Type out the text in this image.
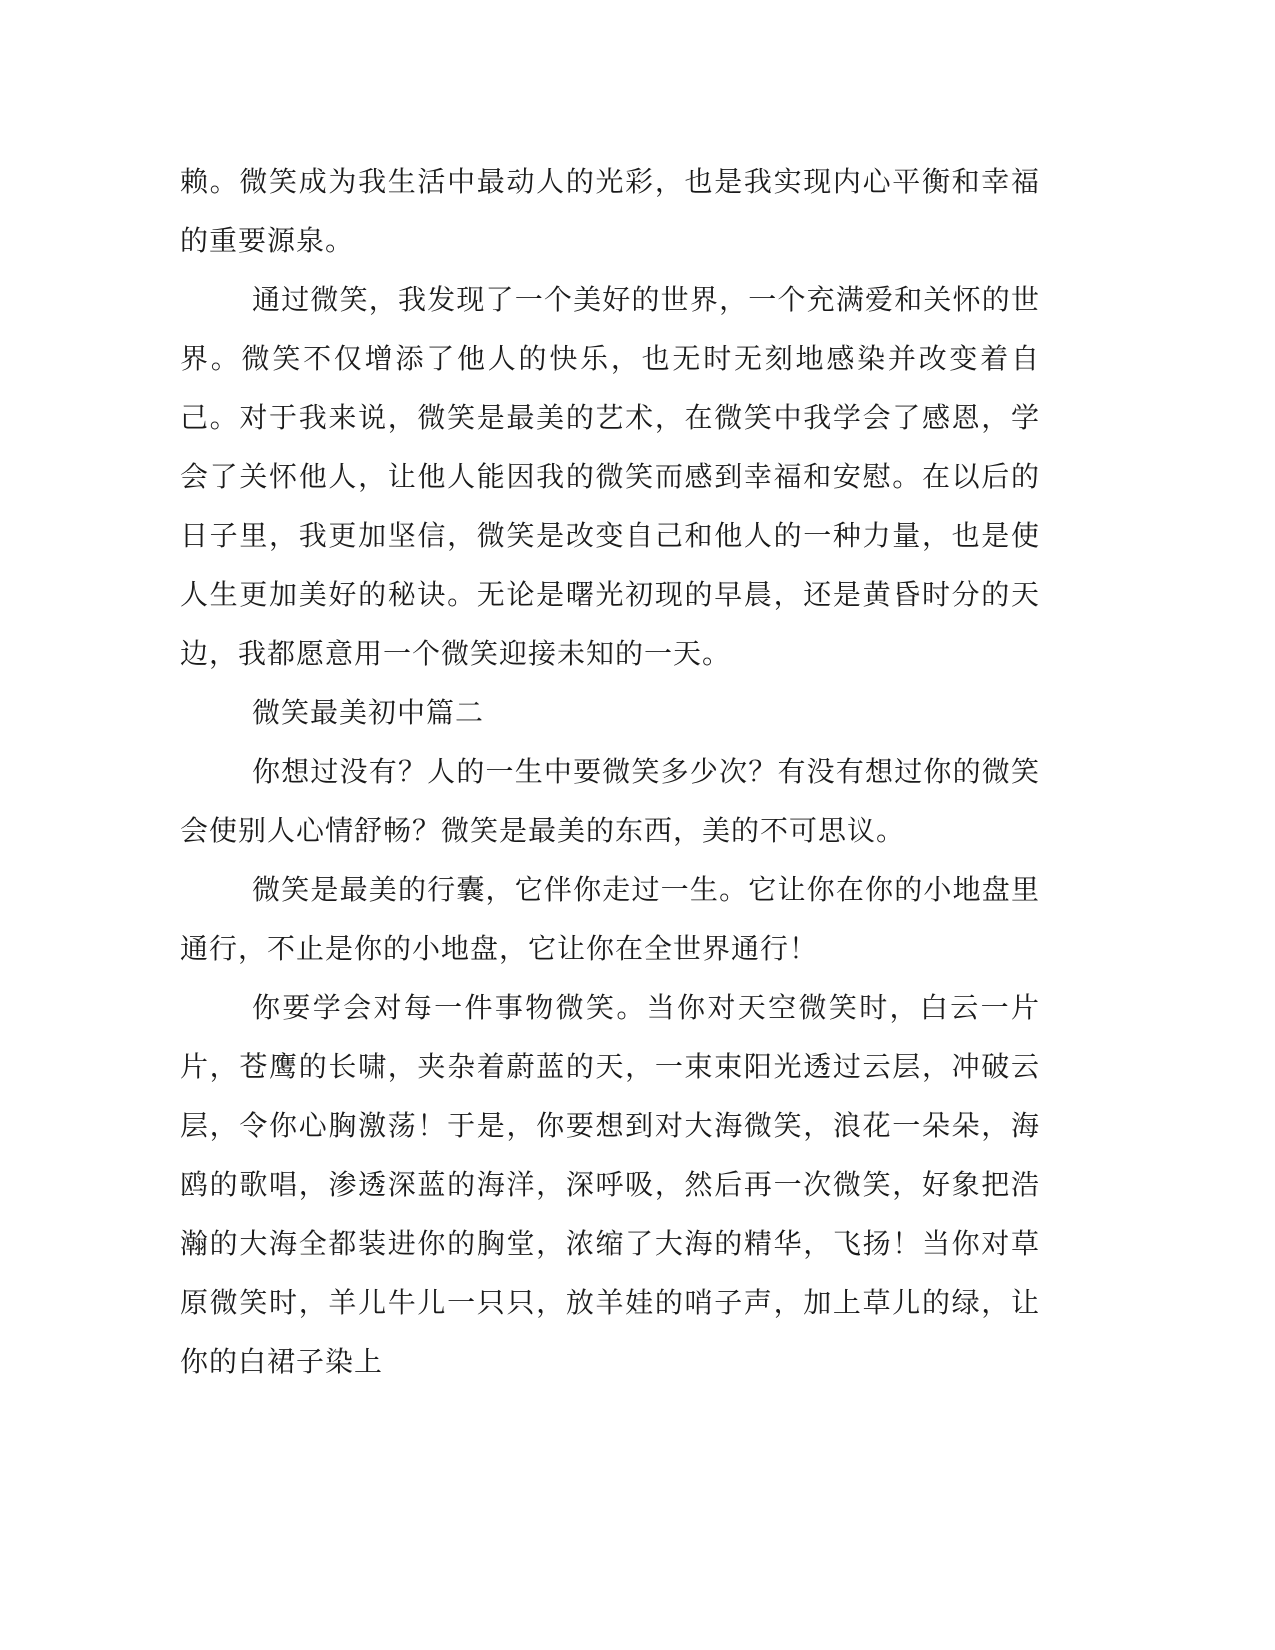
赖。微笑成为我生活中最动人的光彩，也是我实现内心平衡和幸福的重要源泉。

通过微笑，我发现了一个美好的世界，一个充满爱和关怀的世界。微笑不仅增添了他人的快乐，也无时无刻地感染并改变着自己。对于我来说，微笑是最美的艺术，在微笑中我学会了感恩，学会了关怀他人，让他人能因我的微笑而感到幸福和安慰。在以后的日子里，我更加坚信，微笑是改变自己和他人的一种力量，也是使人生更加美好的秘诀。无论是曙光初现的早晨，还是黄昏时分的天边，我都愿意用一个微笑迎接未知的一天。

微笑最美初中篇二

你想过没有？人的一生中要微笑多少次？有没有想过你的微笑会使别人心情舒畅？微笑是最美的东西，美的不可思议。

微笑是最美的行囊，它伴你走过一生。它让你在你的小地盘里通行，不止是你的小地盘，它让你在全世界通行！

你要学会对每一件事物微笑。当你对天空微笑时，白云一片片，苍鹰的长啸，夹杂着蔚蓝的天，一束束阳光透过云层，冲破云层，令你心胸激荡！于是，你要想到对大海微笑，浪花一朵朵，海鸥的歌唱，渗透深蓝的海洋，深呼吸，然后再一次微笑，好象把浩瀚的大海全都装进你的胸堂，浓缩了大海的精华，飞扬！当你对草原微笑时，羊儿牛儿一只只，放羊娃的哨子声，加上草儿的绿，让你的白裙子染上
